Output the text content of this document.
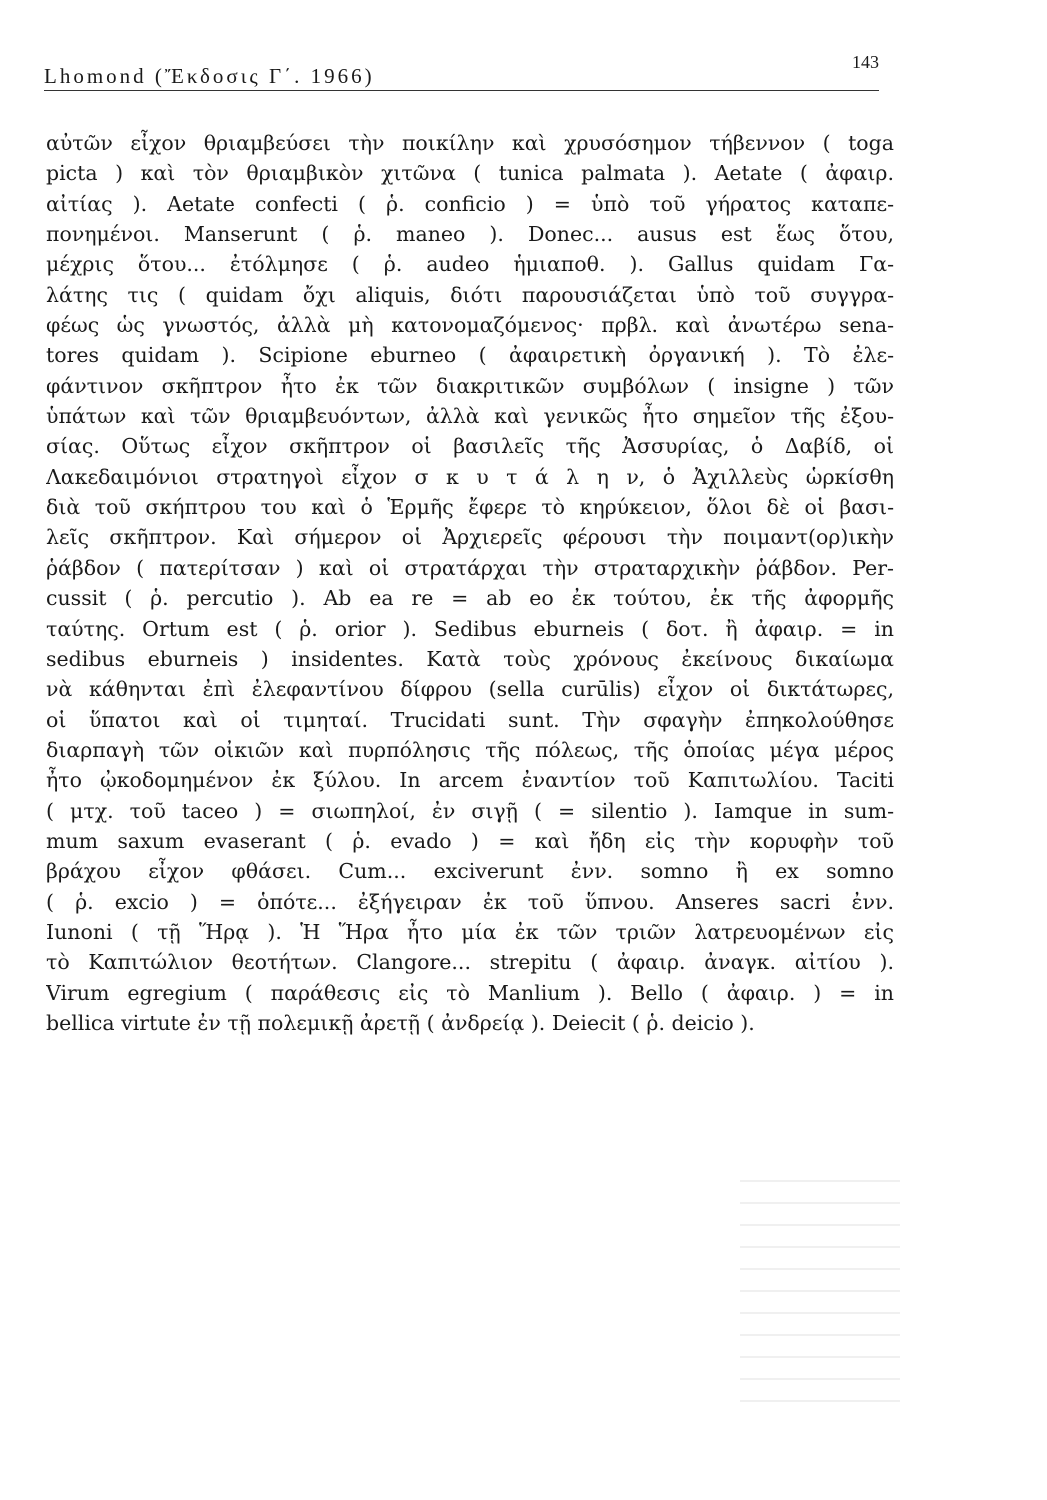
Lhomond (Ἔκδοσις Γ΄. 1966)
143
αὐτῶν εἶχον θριαμβεύσει τὴν ποικίλην καὶ χρυσόσημον τήβεννον ( toga
picta ) καὶ τὸν θριαμβικὸν χιτῶνα ( tunica palmata ). Aetate ( ἀφαιρ.
αἰτίας ). Aetate confecti ( ῥ. conficio ) = ὑπὸ τοῦ γήρατος καταπε-
πονημένοι. Manserunt ( ῥ. maneo ). Donec... ausus est ἕως ὅτου,
μέχρις ὅτου... ἐτόλμησε ( ῥ. audeo ἡμιαποθ. ). Gallus quidam Γα-
λάτης τις ( quidam ὄχι aliquis, διότι παρουσιάζεται ὑπὸ τοῦ συγγρα-
φέως ὡς γνωστός, ἀλλὰ μὴ κατονομαζόμενος· πρβλ. καὶ ἀνωτέρω sena-
tores quidam ). Scipione eburneo ( ἀφαιρετικὴ ὀργανική ). Τὸ ἐλε-
φάντινον σκῆπτρον ἦτο ἐκ τῶν διακριτικῶν συμβόλων ( insigne ) τῶν
ὑπάτων καὶ τῶν θριαμβευόντων, ἀλλὰ καὶ γενικῶς ἦτο σημεῖον τῆς ἐξου-
σίας. Οὕτως εἶχον σκῆπτρον οἱ βασιλεῖς τῆς Ἀσσυρίας, ὁ Δαβίδ, οἱ
Λακεδαιμόνιοι στρατηγοὶ εἶχον σ κ υ τ ά λ η ν, ὁ Ἀχιλλεὺς ὡρκίσθη
διὰ τοῦ σκήπτρου του καὶ ὁ Ἑρμῆς ἔφερε τὸ κηρύκειον, ὅλοι δὲ οἱ βασι-
λεῖς σκῆπτρον. Καὶ σήμερον οἱ Ἀρχιερεῖς φέρουσι τὴν ποιμαντ(ορ)ικὴν
ῥάβδον ( πατερίτσαν ) καὶ οἱ στρατάρχαι τὴν στραταρχικὴν ῥάβδον. Per-
cussit ( ῥ. percutio ). Ab ea re = ab eo ἐκ τούτου, ἐκ τῆς ἀφορμῆς
ταύτης. Ortum est ( ῥ. orior ). Sedibus eburneis ( δοτ. ἢ ἀφαιρ. = in
sedibus eburneis ) insidentes. Κατὰ τοὺς χρόνους ἐκείνους δικαίωμα
νὰ κάθηνται ἐπὶ ἐλεφαντίνου δίφρου (sella curūlis) εἶχον οἱ δικτάτωρες,
οἱ ὕπατοι καὶ οἱ τιμηταί. Trucidati sunt. Τὴν σφαγὴν ἐπηκολούθησε
διαρπαγὴ τῶν οἰκιῶν καὶ πυρπόλησις τῆς πόλεως, τῆς ὁποίας μέγα μέρος
ἦτο ᾠκοδομημένον ἐκ ξύλου. In arcem ἐναντίον τοῦ Καπιτωλίου. Taciti
( μτχ. τοῦ taceo ) = σιωπηλοί, ἐν σιγῇ ( = silentio ). Iamque in sum-
mum saxum evaserant ( ῥ. evado ) = καὶ ἤδη εἰς τὴν κορυφὴν τοῦ
βράχου εἶχον φθάσει. Cum... exciverunt ἐνν. somno ἢ ex somno
( ῥ. excio ) = ὁπότε... ἐξήγειραν ἐκ τοῦ ὕπνου. Anseres sacri ἐνν.
Iunoni ( τῇ Ἥρᾳ ). Ἡ Ἥρα ἦτο μία ἐκ τῶν τριῶν λατρευομένων εἰς
τὸ Καπιτώλιον θεοτήτων. Clangore... strepitu ( ἀφαιρ. ἀναγκ. αἰτίου ).
Virum egregium ( παράθεσις εἰς τὸ Manlium ). Bello ( ἀφαιρ. ) = in
bellica virtute ἐν τῇ πολεμικῇ ἀρετῇ ( ἀνδρείᾳ ). Deiecit ( ῥ. deicio ).
